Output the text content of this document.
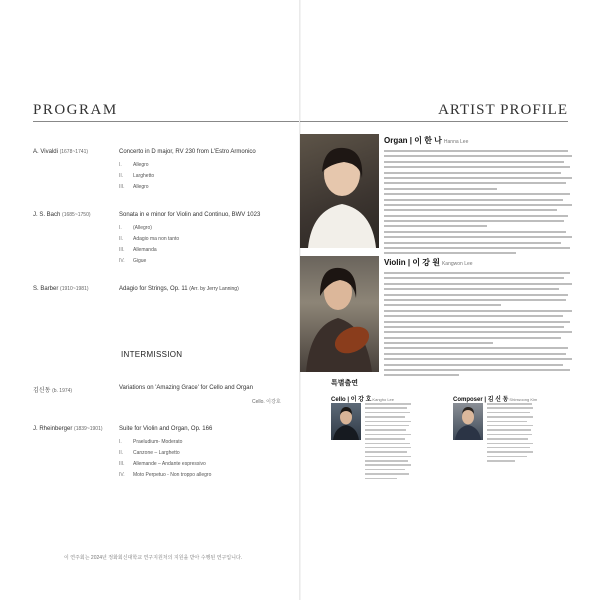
PROGRAM
A. Vivaldi (1678~1741)	Concerto in D major, RV 230 from L'Estro Armonico
I. Allegro
II. Larghetto
III. Allegro
J. S. Bach (1685~1750)	Sonata in e minor for Violin and Continuo, BWV 1023
I. (Allegro)
II. Adagio ma non tanto
III. Allemanda
IV. Gigue
S. Barber (1910~1981)	Adagio for Strings, Op. 11 (Arr. by Jerry Lanning)
INTERMISSION
김신동 (b. 1974)	Variations on 'Amazing Grace' for Cello and Organ
Cello. 이강호
J. Rheinberger (1839~1901)	Suite for Violin and Organ, Op. 166
I. Praeludium- Moderato
II. Canzone – Larghetto
III. Allemande – Andante espressivo
IV. Moto Perpetuo - Non troppo allegro
이 연주회는 2024년 정화회신대학교 연구지원처의 지원을 받아 수행된 연구입니다.
ARTIST PROFILE
Organ | 이 한 나 Hanna Lee
Violin | 이 강 원 Kangwon Lee
특별출연
Cello | 이 강 호Kangho Lee	Composer | 김 신 동Shinwoong Kim
